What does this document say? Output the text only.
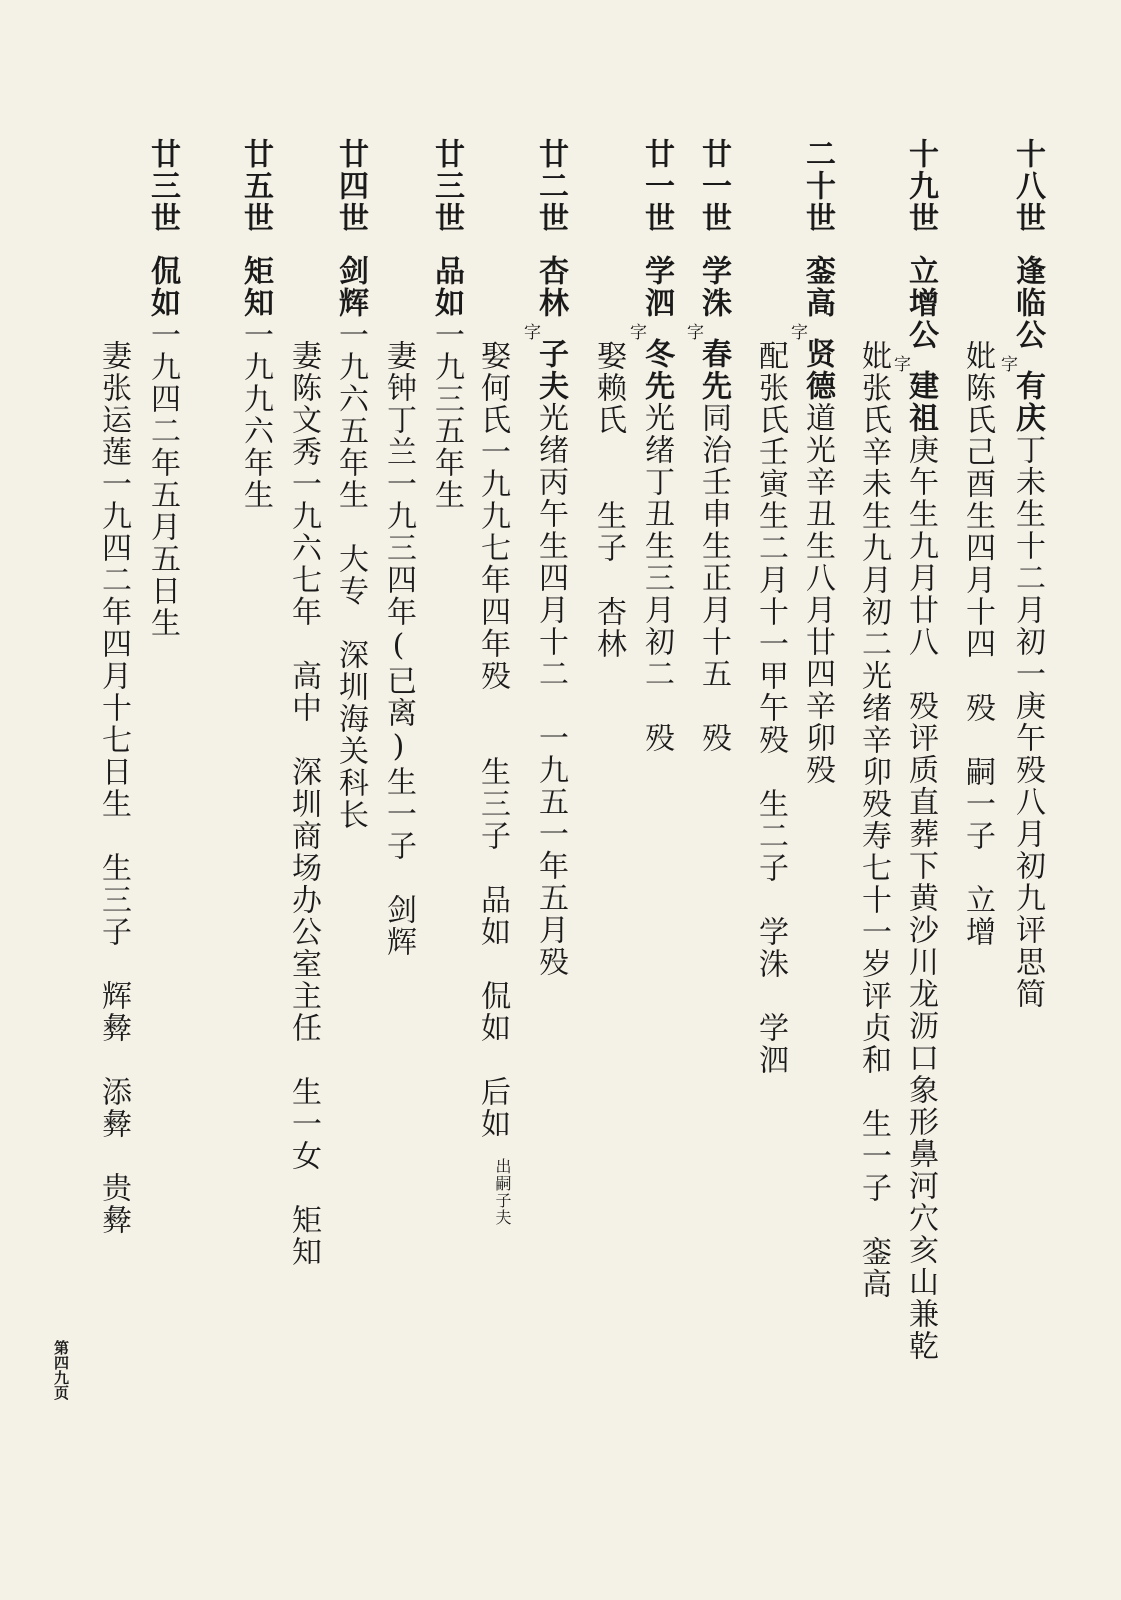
十八世
逢临公字有庆丁未生十二月初一庚午殁八月初九评思简
妣陈氏己酉生四月十四　殁　嗣一子　立增
十九世
立增公字建祖庚午生九月廿八　殁评质直葬下黄沙川龙沥口象形鼻河穴亥山兼乾
妣张氏辛未生九月初二光绪辛卯殁寿七十一岁评贞和　生一子　銮高
二十世
銮高字贤德道光辛丑生八月廿四辛卯殁
配张氏壬寅生二月十一甲午殁　生二子　学洙　学泗
廿一世
学洙字春先同治壬申生正月十五　殁
廿一世
学泗字冬先光绪丁丑生三月初二　殁
娶赖氏　　生子　杏林
廿二世
杏林字子夫光绪丙午生四月十二　一九五一年五月殁
娶何氏一九九七年四年殁　　生三子　品如　侃如　后如$_{出嗣子夫}$
廿三世
品如一九三五年生
妻钟丁兰一九三四年(已离)生一子　剑辉
廿四世
剑辉一九六五年生　大专　深圳海关科长
妻陈文秀一九六七年　高中　深圳商场办公室主任　生一女　矩知
廿五世
矩知一九九六年生
廿三世
侃如一九四二年五月五日生
妻张运莲一九四二年四月十七日生　生三子　辉彜　添彜　贵彜
第四九页
